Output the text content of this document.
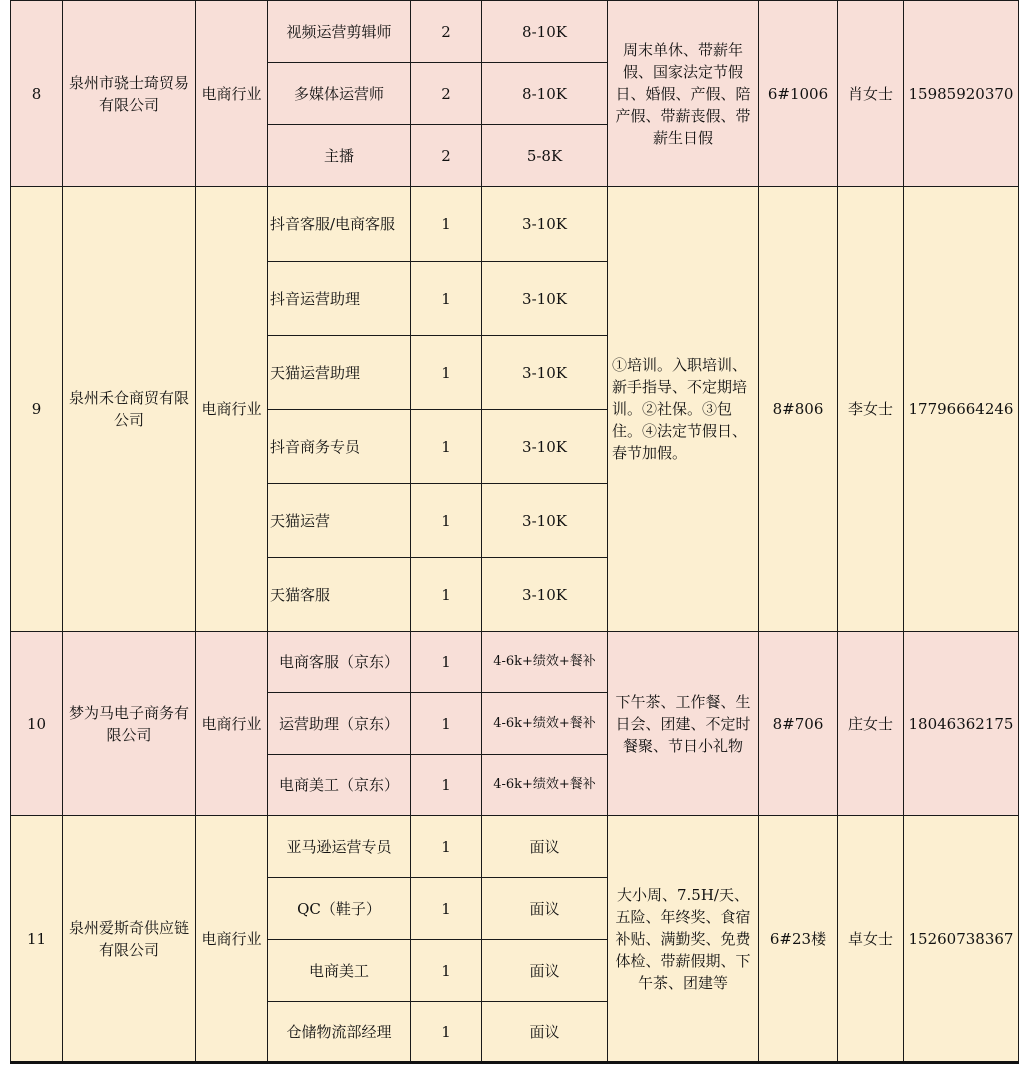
8	泉州市骁士琦贸易有限公司	电商行业	视频运营剪辑师	2	8-10K	周末单休、带薪年假、国家法定节假日、婚假、产假、陪产假、带薪丧假、带薪生日假	6#1006	肖女士	15985920370
			多媒体运营师	2	8-10K				
			主播	2	5-8K				
9	泉州禾仓商贸有限公司	电商行业	抖音客服/电商客服	1	3-10K	①培训。入职培训、新手指导、不定期培训。②社保。③包住。④法定节假日、春节加假。	8#806	李女士	17796664246
			抖音运营助理	1	3-10K				
			天猫运营助理	1	3-10K				
			抖音商务专员	1	3-10K				
			天猫运营	1	3-10K				
			天猫客服	1	3-10K				
10	梦为马电子商务有限公司	电商行业	电商客服（京东）	1	4-6k+绩效+餐补	下午茶、工作餐、生日会、团建、不定时餐聚、节日小礼物	8#706	庄女士	18046362175
			运营助理（京东）	1	4-6k+绩效+餐补				
			电商美工（京东）	1	4-6k+绩效+餐补				
11	泉州爱斯奇供应链有限公司	电商行业	亚马逊运营专员	1	面议	大小周、7.5H/天、五险、年终奖、食宿补贴、满勤奖、免费体检、带薪假期、下午茶、团建等	6#23楼	卓女士	15260738367
			QC（鞋子）	1	面议				
			电商美工	1	面议				
			仓储物流部经理	1	面议				
